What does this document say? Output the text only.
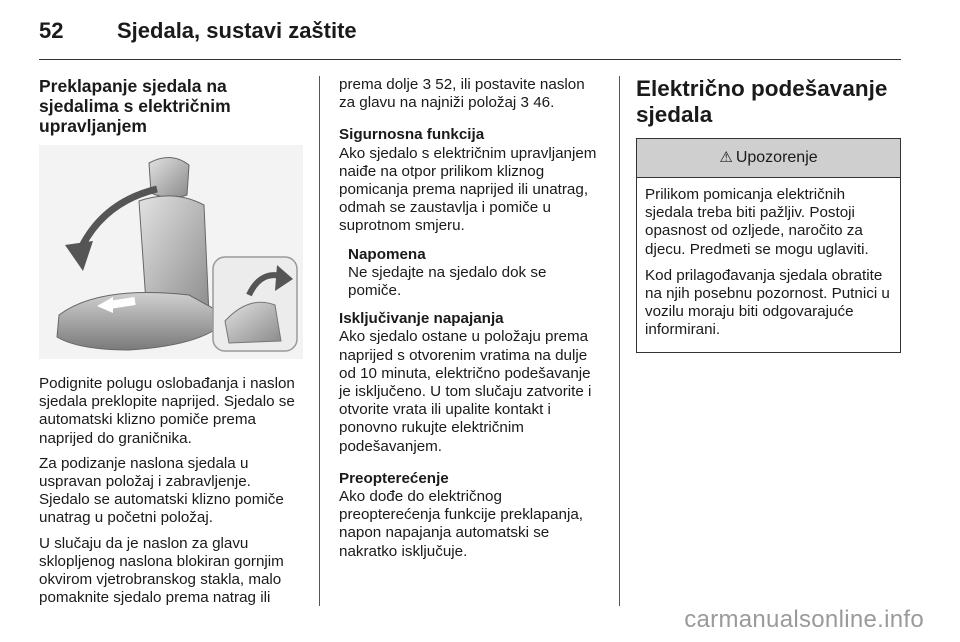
52 Sjedala, sustavi zaštite
Preklapanje sjedala na sjedalima s električnim upravljanjem

Podignite polugu oslobađanja i naslon sjedala preklopite naprijed. Sjedalo se automatski klizno pomiče prema naprijed do graničnika.

Za podizanje naslona sjedala u uspravan položaj i zabravljenje. Sjedalo se automatski klizno pomiče unatrag u početni položaj.

U slučaju da je naslon za glavu sklopljenog naslona blokiran gornjim okvirom vjetrobranskog stakla, malo pomaknite sjedalo prema natrag ili

prema dolje 3 52, ili postavite naslon za glavu na najniži položaj 3 46.

Sigurnosna funkcija
Ako sjedalo s električnim upravljanjem naiđe na otpor prilikom kliznog pomicanja prema naprijed ili unatrag, odmah se zaustavlja i pomiče u suprotnom smjeru.

Napomena
Ne sjedajte na sjedalo dok se pomiče.

Isključivanje napajanja
Ako sjedalo ostane u položaju prema naprijed s otvorenim vratima na dulje od 10 minuta, električno podešavanje je isključeno. U tom slučaju zatvorite i otvorite vrata ili upalite kontakt i ponovno rukujte električnim podešavanjem.

Preopterećenje
Ako dođe do električnog preopterećenja funkcije preklapanja, napon napajanja automatski se nakratko isključuje.

Električno podešavanje sjedala
⚠ Upozorenje

Prilikom pomicanja električnih sjedala treba biti pažljiv. Postoji opasnost od ozljede, naročito za djecu. Predmeti se mogu uglaviti.

Kod prilagođavanja sjedala obratite na njih posebnu pozornost. Putnici u vozilu moraju biti odgovarajuće informirani.

carmanualsonline.info
